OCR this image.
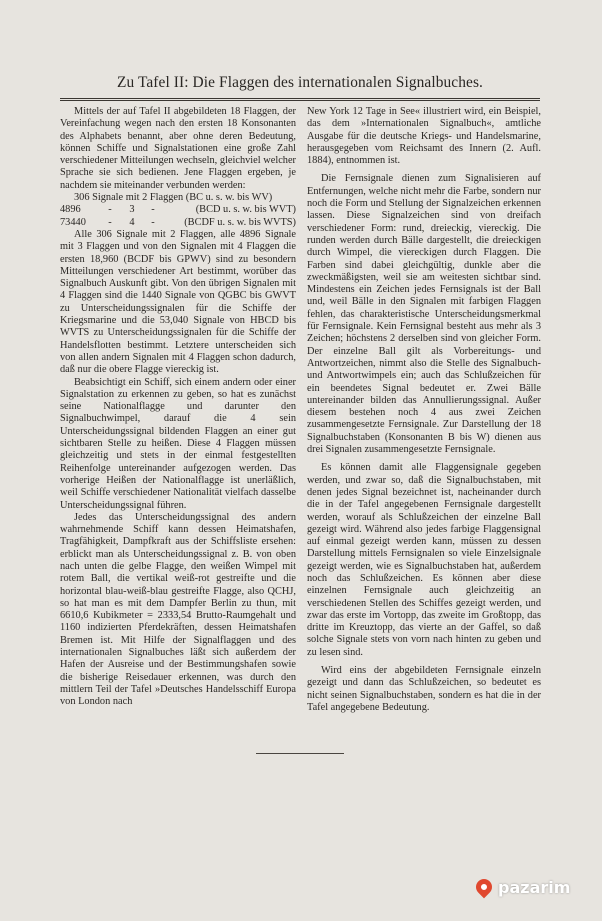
Zu Tafel II: Die Flaggen des internationalen Signalbuches.

Mittels der auf Tafel II abgebildeten 18 Flaggen, der Vereinfachung wegen nach den ersten 18 Konsonanten des Alphabets benannt, aber ohne deren Bedeutung, können Schiffe und Signalstationen eine große Zahl verschiedener Mitteilungen wechseln, gleichviel welcher Sprache sie sich bedienen. Jene Flaggen ergeben, je nachdem sie miteinander verbunden werden:

306 Signale mit 2 Flaggen (BC u. s. w. bis WV)

4896	-	3	-	(BCD u. s. w. bis WVT)
73440	-	4	-	(BCDF u. s. w. bis WVTS)

Alle 306 Signale mit 2 Flaggen, alle 4896 Signale mit 3 Flaggen und von den Signalen mit 4 Flaggen die ersten 18,960 (BCDF bis GPWV) sind zu besondern Mitteilungen verschiedener Art bestimmt, worüber das Signalbuch Auskunft gibt. Von den übrigen Signalen mit 4 Flaggen sind die 1440 Signale von QGBC bis GWVT zu Unterscheidungssignalen für die Schiffe der Kriegsmarine und die 53,040 Signale von HBCD bis WVTS zu Unterscheidungssignalen für die Schiffe der Handelsflotten bestimmt. Letztere unterscheiden sich von allen andern Signalen mit 4 Flaggen schon dadurch, daß nur die obere Flagge viereckig ist.

Beabsichtigt ein Schiff, sich einem andern oder einer Signalstation zu erkennen zu geben, so hat es zunächst seine Nationalflagge und darunter den Signalbuchwimpel, darauf die 4 sein Unterscheidungssignal bildenden Flaggen an einer gut sichtbaren Stelle zu heißen. Diese 4 Flaggen müssen gleichzeitig und stets in der einmal festgestellten Reihenfolge untereinander aufgezogen werden. Das vorherige Heißen der Nationalflagge ist unerläßlich, weil Schiffe verschiedener Nationalität vielfach dasselbe Unterscheidungssignal führen.

Jedes das Unterscheidungssignal des andern wahrnehmende Schiff kann dessen Heimatshafen, Tragfähigkeit, Dampfkraft aus der Schiffsliste ersehen: erblickt man als Unterscheidungssignal z. B. von oben nach unten die gelbe Flagge, den weißen Wimpel mit rotem Ball, die vertikal weiß-rot gestreifte und die horizontal blau-weiß-blau gestreifte Flagge, also QCHJ, so hat man es mit dem Dampfer Berlin zu thun, mit 6610,6 Kubikmeter = 2333,54 Brutto-Raumgehalt und 1160 indizierten Pferdekräften, dessen Heimatshafen Bremen ist. Mit Hilfe der Signalflaggen und des internationalen Signalbuches läßt sich außerdem der Hafen der Ausreise und der Bestimmungshafen sowie die bisherige Reisedauer erkennen, was durch den mittlern Teil der Tafel »Deutsches Handelsschiff Europa von London nach

New York 12 Tage in See« illustriert wird, ein Beispiel, das dem »Internationalen Signalbuch«, amtliche Ausgabe für die deutsche Kriegs- und Handelsmarine, herausgegeben vom Reichsamt des Innern (2. Aufl. 1884), entnommen ist.

Die Fernsignale dienen zum Signalisieren auf Entfernungen, welche nicht mehr die Farbe, sondern nur noch die Form und Stellung der Signalzeichen erkennen lassen. Diese Signalzeichen sind von dreifach verschiedener Form: rund, dreieckig, viereckig. Die runden werden durch Bälle dargestellt, die dreieckigen durch Wimpel, die viereckigen durch Flaggen. Die Farben sind dabei gleichgültig, dunkle aber die zweckmäßigsten, weil sie am weitesten sichtbar sind. Mindestens ein Zeichen jedes Fernsignals ist der Ball und, weil Bälle in den Signalen mit farbigen Flaggen fehlen, das charakteristische Unterscheidungsmerkmal für Fernsignale. Kein Fernsignal besteht aus mehr als 3 Zeichen; höchstens 2 derselben sind von gleicher Form. Der einzelne Ball gilt als Vorbereitungs- und Antwortzeichen, nimmt also die Stelle des Signalbuch- und Antwortwimpels ein; auch das Schlußzeichen für ein beendetes Signal bedeutet er. Zwei Bälle untereinander bilden das Annullierungssignal. Außer diesem bestehen noch 4 aus zwei Zeichen zusammengesetzte Fernsignale. Zur Darstellung der 18 Signalbuchstaben (Konsonanten B bis W) dienen aus drei Signalen zusammengesetzte Fernsignale.

Es können damit alle Flaggensignale gegeben werden, und zwar so, daß die Signalbuchstaben, mit denen jedes Signal bezeichnet ist, nacheinander durch die in der Tafel angegebenen Fernsignale dargestellt werden, worauf als Schlußzeichen der einzelne Ball gezeigt wird. Während also jedes farbige Flaggensignal auf einmal gezeigt werden kann, müssen zu dessen Darstellung mittels Fernsignalen so viele Einzelsignale gezeigt werden, wie es Signalbuchstaben hat, außerdem noch das Schlußzeichen. Es können aber diese einzelnen Fernsignale auch gleichzeitig an verschiedenen Stellen des Schiffes gezeigt werden, und zwar das erste im Vortopp, das zweite im Großtopp, das dritte im Kreuztopp, das vierte an der Gaffel, so daß solche Signale stets von vorn nach hinten zu geben und zu lesen sind.

Wird eins der abgebildeten Fernsignale einzeln gezeigt und dann das Schlußzeichen, so bedeutet es nicht seinen Signalbuchstaben, sondern es hat die in der Tafel angegebene Bedeutung.

pazarim
